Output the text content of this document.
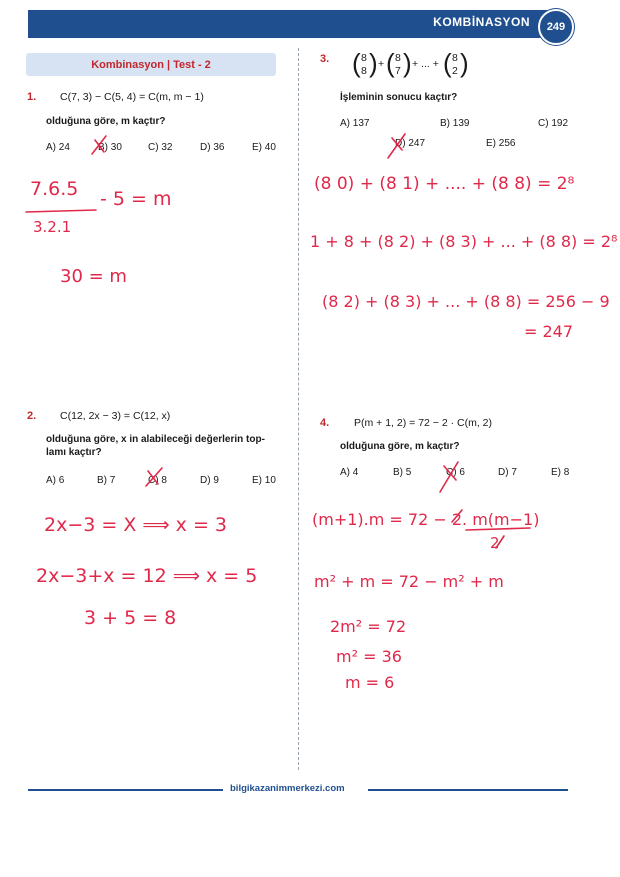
KOMBİNASYON	249
Kombinasyon | Test - 2
1. C(7, 3) − C(5, 4) = C(m, m − 1)
olduğuna göre, m kaçtır?
A) 24	B) 30	C) 32	D) 36	E) 40
7.6.5
3.2.1
- 5 = m
30 = m
2. C(12, 2x − 3) = C(12, x)
olduğuna göre, x in alabileceği değerlerin top-
lamı kaçtır?
A) 6	B) 7	C) 8	D) 9	E) 10
2x−3 = X ⟹ x = 3
2x−3+x = 12 ⟹ x = 5
3 + 5 = 8
3. ( 8
8 ) + ( 8
7 ) + ... + ( 8
2 )
İşleminin sonucu kaçtır?
A) 137	B) 139	C) 192
D) 247	E) 256
(8 0) + (8 1) + .... + (8 8) = 2⁸
1 + 8 + (8 2) + (8 3) + ... + (8 8) = 2⁸
(8 2) + (8 3) + ... + (8 8) = 256 − 9
= 247
4. P(m + 1, 2) = 72 − 2 · C(m, 2)
olduğuna göre, m kaçtır?
A) 4	B) 5	C) 6	D) 7	E) 8
(m+1).m = 72 − 2. m(m−1)
2
m² + m = 72 − m² + m
2m² = 72
m² = 36
m = 6
bilgikazanimmerkezi.com
